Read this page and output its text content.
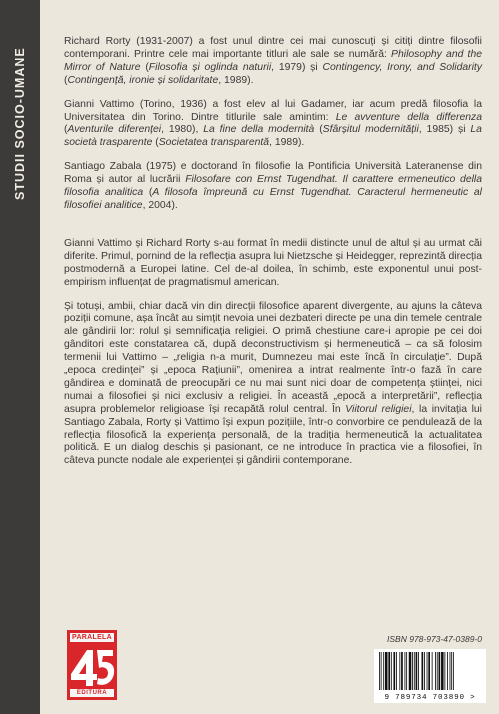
STUDII SOCIO-UMANE

Richard Rorty (1931-2007) a fost unul dintre cei mai cunoscuți și citiți dintre filosofii contemporani. Printre cele mai importante titluri ale sale se numără: Philosophy and the Mirror of Nature (Filosofia și oglinda naturii, 1979) și Contingency, Irony, and Solidarity (Contingență, ironie și solidaritate, 1989).

Gianni Vattimo (Torino, 1936) a fost elev al lui Gadamer, iar acum predă filosofia la Universitatea din Torino. Dintre titlurile sale amintim: Le avventure della differenza (Aventurile diferenței, 1980), La fine della modernità (Sfârșitul modernității, 1985) și La società trasparente (Societatea transparentă, 1989).

Santiago Zabala (1975) e doctorand în filosofie la Pontificia Università Lateranense din Roma și autor al lucrării Filosofare con Ernst Tugendhat. Il carattere ermeneutico della filosofia analitica (A filosofa împreună cu Ernst Tugendhat. Caracterul hermeneutic al filosofiei analitice, 2004).

Gianni Vattimo și Richard Rorty s-au format în medii distincte unul de altul și au urmat căi diferite. Primul, pornind de la reflecția asupra lui Nietzsche și Heidegger, reprezintă direcția postmodernă a Europei latine. Cel de-al doilea, în schimb, este exponentul unui post-empirism influențat de pragmatismul american.

Și totuși, ambii, chiar dacă vin din direcții filosofice aparent divergente, au ajuns la câteva poziții comune, așa încât au simțit nevoia unei dezbateri directe pe una din temele centrale ale gândirii lor: rolul și semnificația religiei. O primă chestiune care-i apropie pe cei doi gânditori este constatarea că, după deconstructivism și hermeneutică – ca să folosim termenii lui Vattimo – „religia n-a murit, Dumnezeu mai este încă în circulație”. După „epoca credinței” și „epoca Rațiunii”, omenirea a intrat realmente într-o fază în care gândirea e dominată de preocupări ce nu mai sunt nici doar de competența științei, nici numai a filosofiei și nici exclusiv a religiei. În această „epocă a interpretării”, reflecția asupra problemelor religioase își recapătă rolul central. În Viitorul religiei, la invitația lui Santiago Zabala, Rorty și Vattimo își expun pozițiile, într-o convorbire ce pendulează de la reflecția filosofică la experiența personală, de la tradiția hermeneutică la actualitatea politică. E un dialog deschis și pasionant, ce ne introduce în practica vie a filosofiei, în câteva puncte nodale ale experienței și gândirii contemporane.

PARALELA
EDITURA
ISBN 978-973-47-0389-0
9 789734 703890 >
